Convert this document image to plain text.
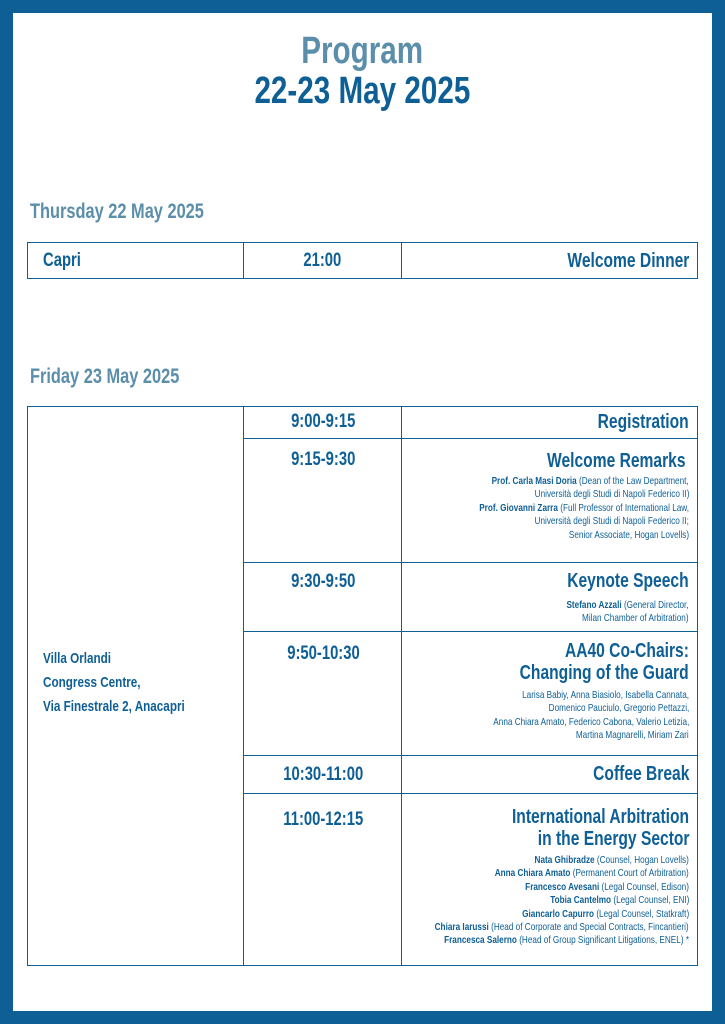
Program
22-23 May 2025
Thursday 22 May 2025
Capri	21:00	Welcome Dinner
Friday 23 May 2025
Villa Orlandi
Congress Centre,
Via Finestrale 2, Anacapri
9:00-9:15	Registration
9:15-9:30	Welcome Remarks
Prof. Carla Masi Doria (Dean of the Law Department,
Università degli Studi di Napoli Federico II)
Prof. Giovanni Zarra (Full Professor of International Law,
Università degli Studi di Napoli Federico II;
Senior Associate, Hogan Lovells)
9:30-9:50	Keynote Speech
Stefano Azzali (General Director,
Milan Chamber of Arbitration)
9:50-10:30	AA40 Co-Chairs:
Changing of the Guard
Larisa Babiy, Anna Biasiolo, Isabella Cannata,
Domenico Pauciulo, Gregorio Pettazzi,
Anna Chiara Amato, Federico Cabona, Valerio Letizia,
Martina Magnarelli, Miriam Zari
10:30-11:00	Coffee Break
11:00-12:15	International Arbitration
in the Energy Sector
Nata Ghibradze (Counsel, Hogan Lovells)
Anna Chiara Amato (Permanent Court of Arbitration)
Francesco Avesani (Legal Counsel, Edison)
Tobia Cantelmo (Legal Counsel, ENI)
Giancarlo Capurro (Legal Counsel, Statkraft)
Chiara Iarussi (Head of Corporate and Special Contracts, Fincantieri)
Francesca Salerno (Head of Group Significant Litigations, ENEL) *
